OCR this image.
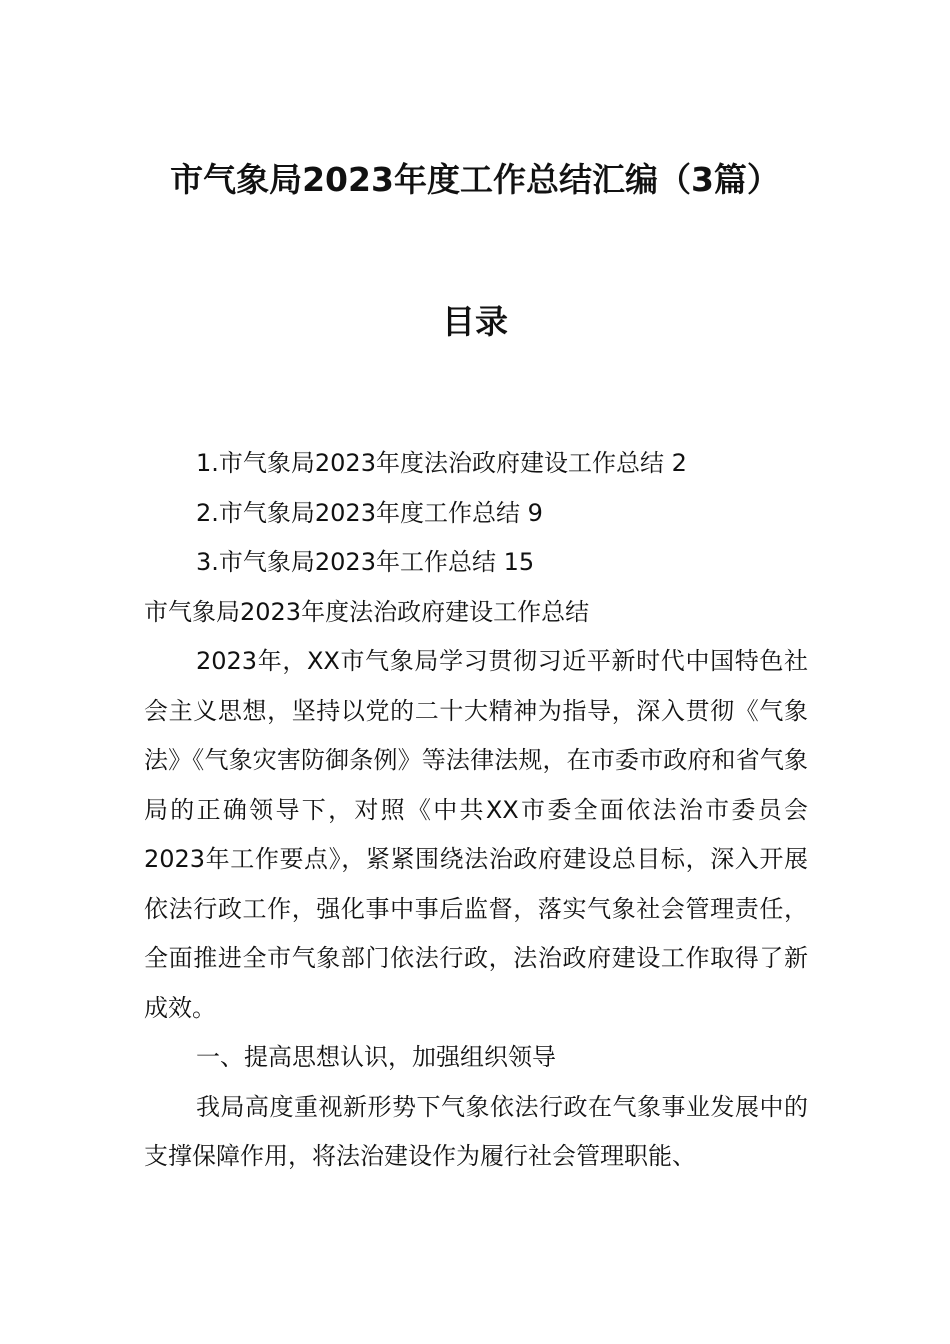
市气象局2023年度工作总结汇编（3篇）
目录
1.市气象局2023年度法治政府建设工作总结 2
2.市气象局2023年度工作总结 9
3.市气象局2023年工作总结 15
市气象局2023年度法治政府建设工作总结

2023年，XX市气象局学习贯彻习近平新时代中国特色社会主义思想，坚持以党的二十大精神为指导，深入贯彻《气象法》《气象灾害防御条例》等法律法规，在市委市政府和省气象局的正确领导下，对照《中共XX市委全面依法治市委员会2023年工作要点》，紧紧围绕法治政府建设总目标，深入开展依法行政工作，强化事中事后监督，落实气象社会管理责任，全面推进全市气象部门依法行政，法治政府建设工作取得了新成效。

一、提高思想认识，加强组织领导

我局高度重视新形势下气象依法行政在气象事业发展中的支撑保障作用，将法治建设作为履行社会管理职能、
